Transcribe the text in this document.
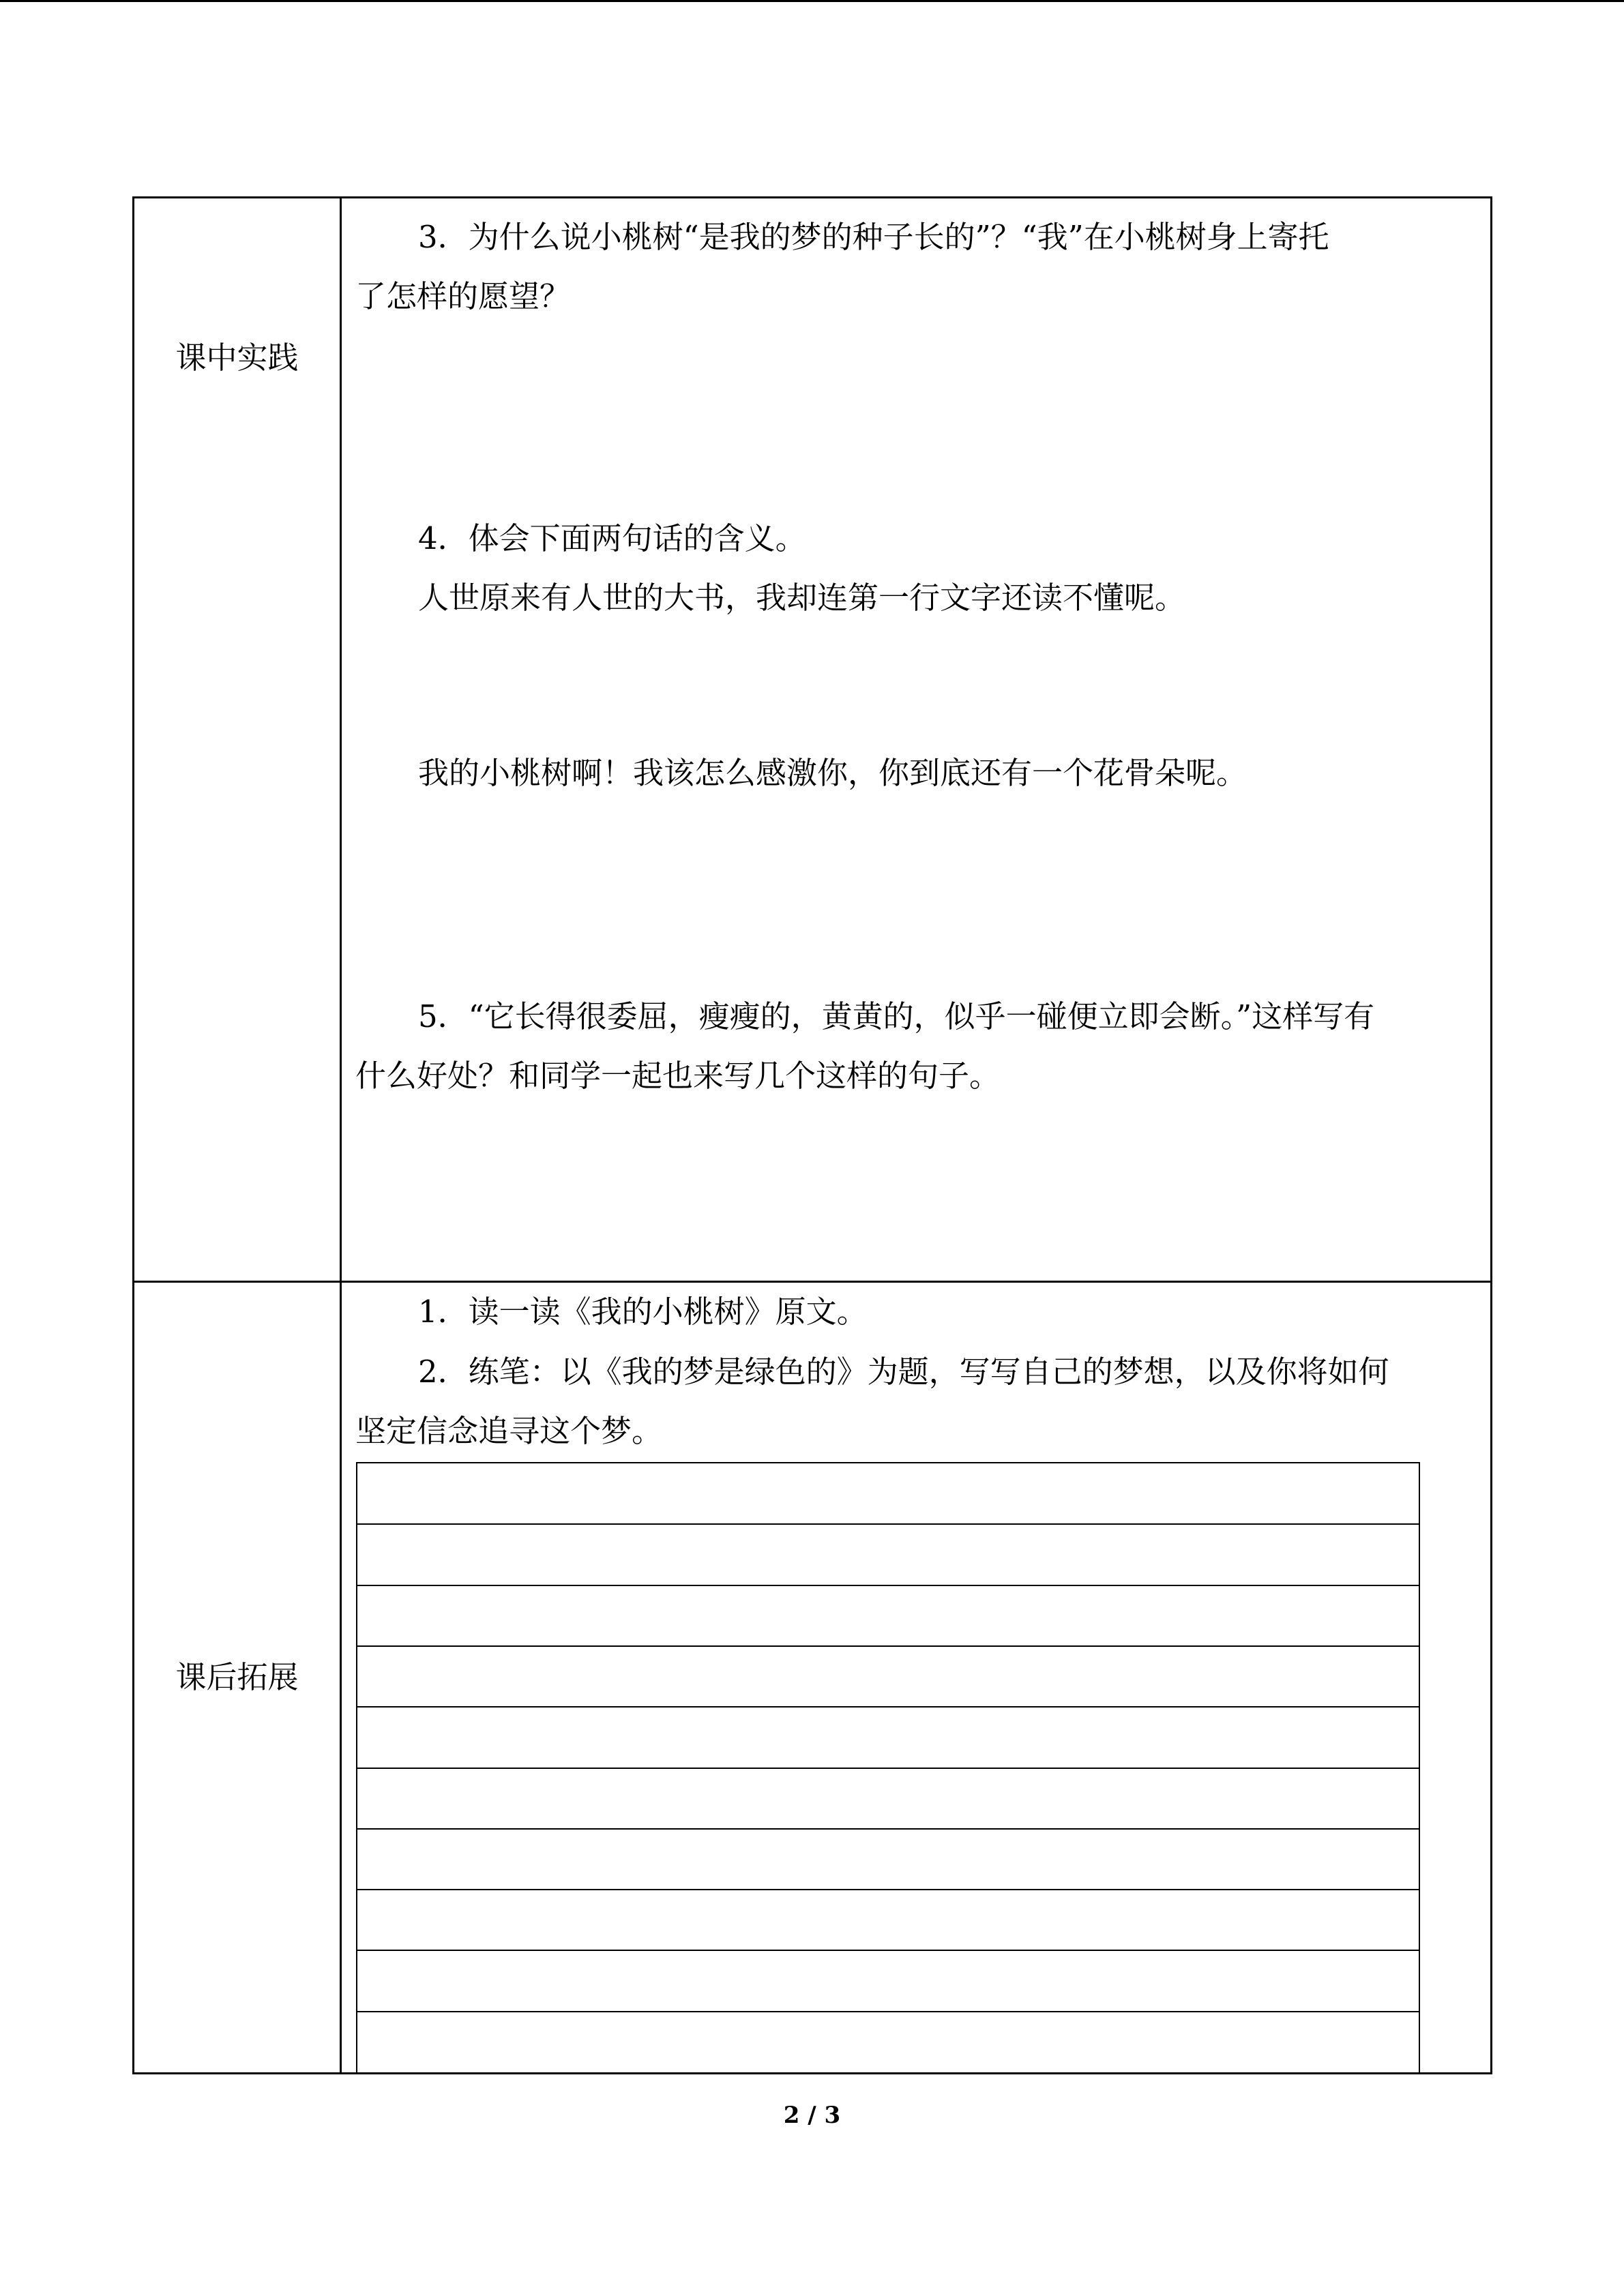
课中实践
3．为什么说小桃树“是我的梦的种子长的”？“我”在小桃树身上寄托
了怎样的愿望？
4．体会下面两句话的含义。
人世原来有人世的大书，我却连第一行文字还读不懂呢。
我的小桃树啊！我该怎么感激你，你到底还有一个花骨朵呢。
5．“它长得很委屈，瘦瘦的，黄黄的，似乎一碰便立即会断。”这样写有
什么好处？和同学一起也来写几个这样的句子。
课后拓展
1．读一读《我的小桃树》原文。
2．练笔：以《我的梦是绿色的》为题，写写自己的梦想，以及你将如何
坚定信念追寻这个梦。
2 / 3
